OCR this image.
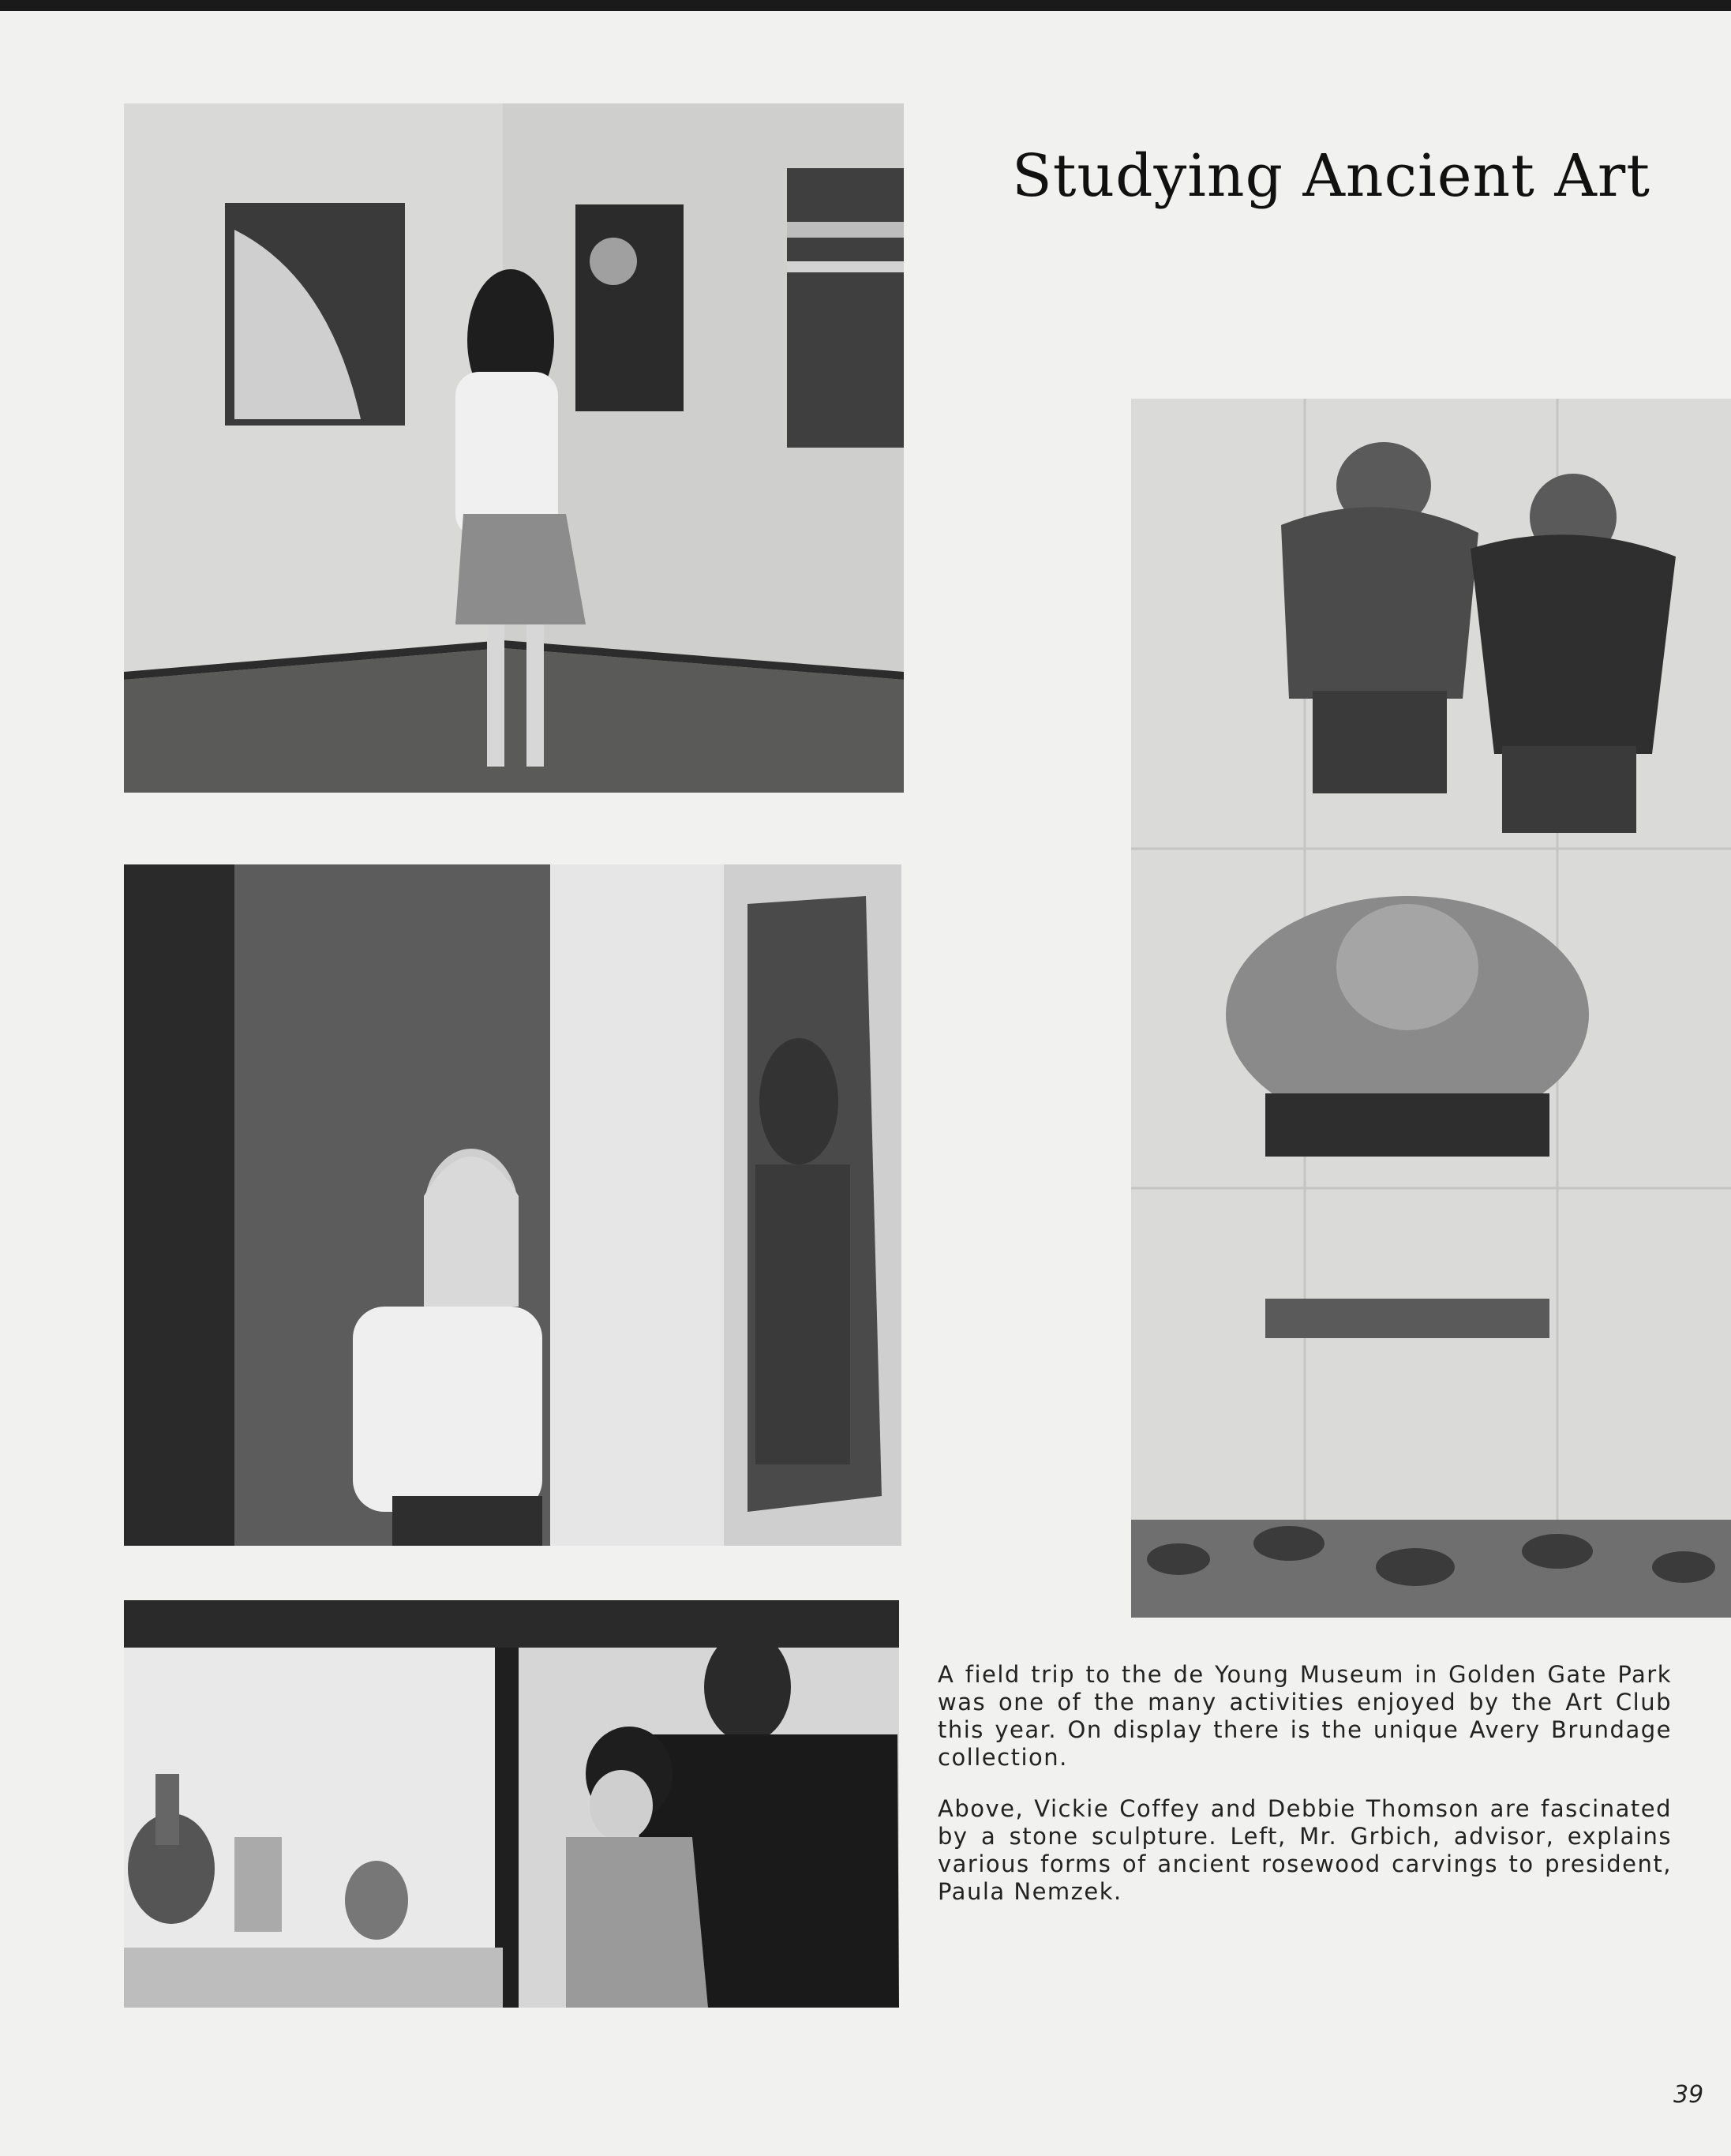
Studying Ancient Art
A field trip to the de Young Museum in Golden Gate Park was one of the many activities enjoyed by the Art Club this year. On display there is the unique Avery Brundage collection.
Above, Vickie Coffey and Debbie Thomson are fascinated by a stone sculpture. Left, Mr. Grbich, advisor, explains various forms of ancient rosewood carvings to president, Paula Nemzek.
39
